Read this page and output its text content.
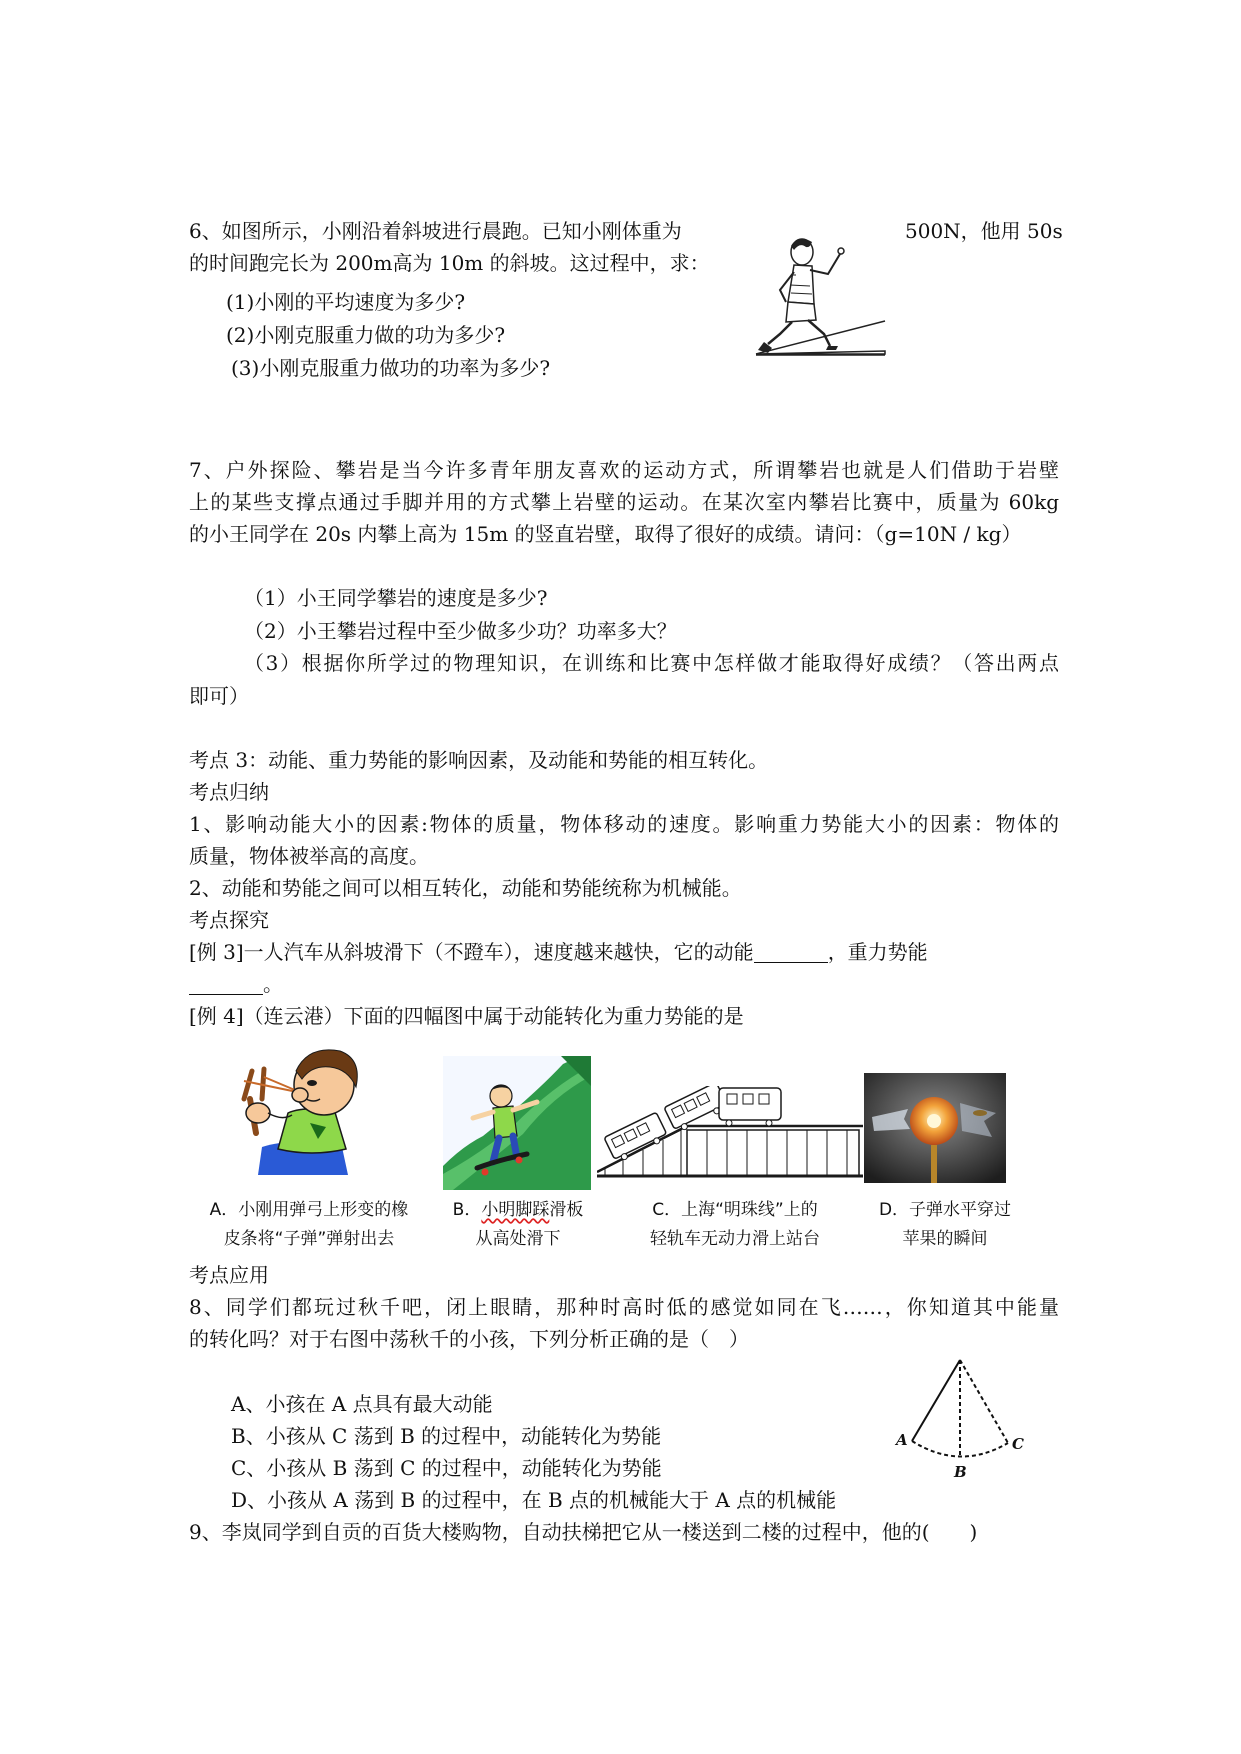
6、如图所示，小刚沿着斜坡进行晨跑。已知小刚体重为	500N，他用 50s
的时间跑完长为 200m高为 10m 的斜坡。这过程中，求：
(1)小刚的平均速度为多少?
(2)小刚克服重力做的功为多少?
(3)小刚克服重力做功的功率为多少?
7、户外探险、攀岩是当今许多青年朋友喜欢的运动方式，所谓攀岩也就是人们借助于岩壁
上的某些支撑点通过手脚并用的方式攀上岩壁的运动。在某次室内攀岩比赛中，质量为 60kg
的小王同学在 20s 内攀上高为 15m 的竖直岩壁，取得了很好的成绩。请问：（g=10N / kg）
（1）小王同学攀岩的速度是多少?
（2）小王攀岩过程中至少做多少功？功率多大？
（3）根据你所学过的物理知识，在训练和比赛中怎样做才能取得好成绩？（答出两点
即可）
考点 3：动能、重力势能的影响因素，及动能和势能的相互转化。
考点归纳
1、影响动能大小的因素:物体的质量，物体移动的速度。影响重力势能大小的因素：物体的
质量，物体被举高的高度。
2、动能和势能之间可以相互转化，动能和势能统称为机械能。
考点探究
[例 3]一人汽车从斜坡滑下（不蹬车），速度越来越快，它的动能	，重力势能
。
[例 4]（连云港）下面的四幅图中属于动能转化为重力势能的是
A．小刚用弹弓上形变的橡
皮条将“子弹”弹射出去
B．小明脚踩滑板
从高处滑下
C．上海“明珠线”上的
轻轨车无动力滑上站台
D．子弹水平穿过
苹果的瞬间
考点应用
8、同学们都玩过秋千吧，闭上眼睛，那种时高时低的感觉如同在飞……，你知道其中能量
的转化吗？对于右图中荡秋千的小孩，下列分析正确的是（　）
A、小孩在 A 点具有最大动能
B、小孩从 C 荡到 B 的过程中，动能转化为势能
C、小孩从 B 荡到 C 的过程中，动能转化为势能
D、小孩从 A 荡到 B 的过程中，在 B 点的机械能大于 A 点的机械能
A
B
C
9、李岚同学到自贡的百货大楼购物，自动扶梯把它从一楼送到二楼的过程中，他的(　　)
